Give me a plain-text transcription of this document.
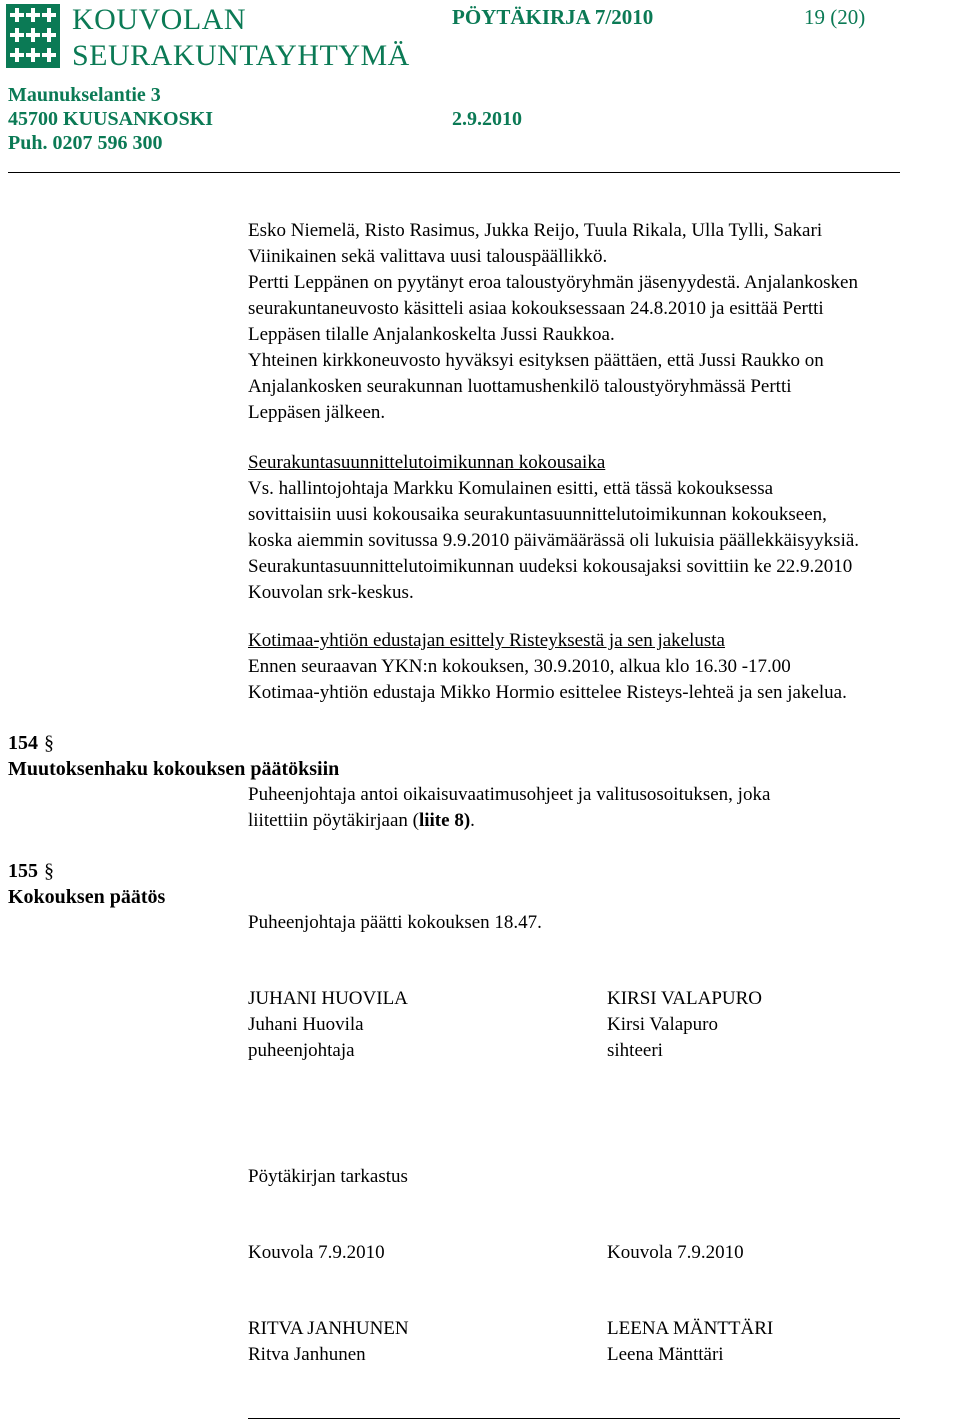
KOUVOLAN
SEURAKUNTAYHTYMÄ
PÖYTÄKIRJA 7/2010	19 (20)
Maunukselantie 3
45700 KUUSANKOSKI	2.9.2010
Puh. 0207 596 300
Esko Niemelä, Risto Rasimus, Jukka Reijo, Tuula Rikala, Ulla Tylli, Sakari
Viinikainen sekä valittava uusi talouspäällikkö.
Pertti Leppänen on pyytänyt eroa taloustyöryhmän jäsenyydestä. Anjalankosken
seurakuntaneuvosto käsitteli asiaa kokouksessaan 24.8.2010 ja esittää Pertti
Leppäsen tilalle Anjalankoskelta Jussi Raukkoa.
Yhteinen kirkkoneuvosto hyväksyi esityksen päättäen, että Jussi Raukko on
Anjalankosken seurakunnan luottamushenkilö taloustyöryhmässä Pertti
Leppäsen jälkeen.
Seurakuntasuunnittelutoimikunnan kokousaika
Vs. hallintojohtaja Markku Komulainen esitti, että tässä kokouksessa
sovittaisiin uusi kokousaika seurakuntasuunnittelutoimikunnan kokoukseen,
koska aiemmin sovitussa 9.9.2010 päivämäärässä oli lukuisia päällekkäisyyksiä.
Seurakuntasuunnittelutoimikunnan uudeksi kokousajaksi sovittiin ke 22.9.2010
Kouvolan srk-keskus.
Kotimaa-yhtiön edustajan esittely Risteyksestä ja sen jakelusta
Ennen seuraavan YKN:n kokouksen, 30.9.2010, alkua klo 16.30 -17.00
Kotimaa-yhtiön edustaja Mikko Hormio esittelee Risteys-lehteä ja sen jakelua.
154 §
Muutoksenhaku kokouksen päätöksiin
Puheenjohtaja antoi oikaisuvaatimusohjeet ja valitusosoituksen, joka
liitettiin pöytäkirjaan (liite 8).
155 §
Kokouksen päätös
Puheenjohtaja päätti kokouksen 18.47.
JUHANI HUOVILA
Juhani Huovila
puheenjohtaja
KIRSI VALAPURO
Kirsi Valapuro
sihteeri
Pöytäkirjan tarkastus
Kouvola 7.9.2010	Kouvola 7.9.2010
RITVA JANHUNEN
Ritva Janhunen
LEENA MÄNTTÄRI
Leena Mänttäri
